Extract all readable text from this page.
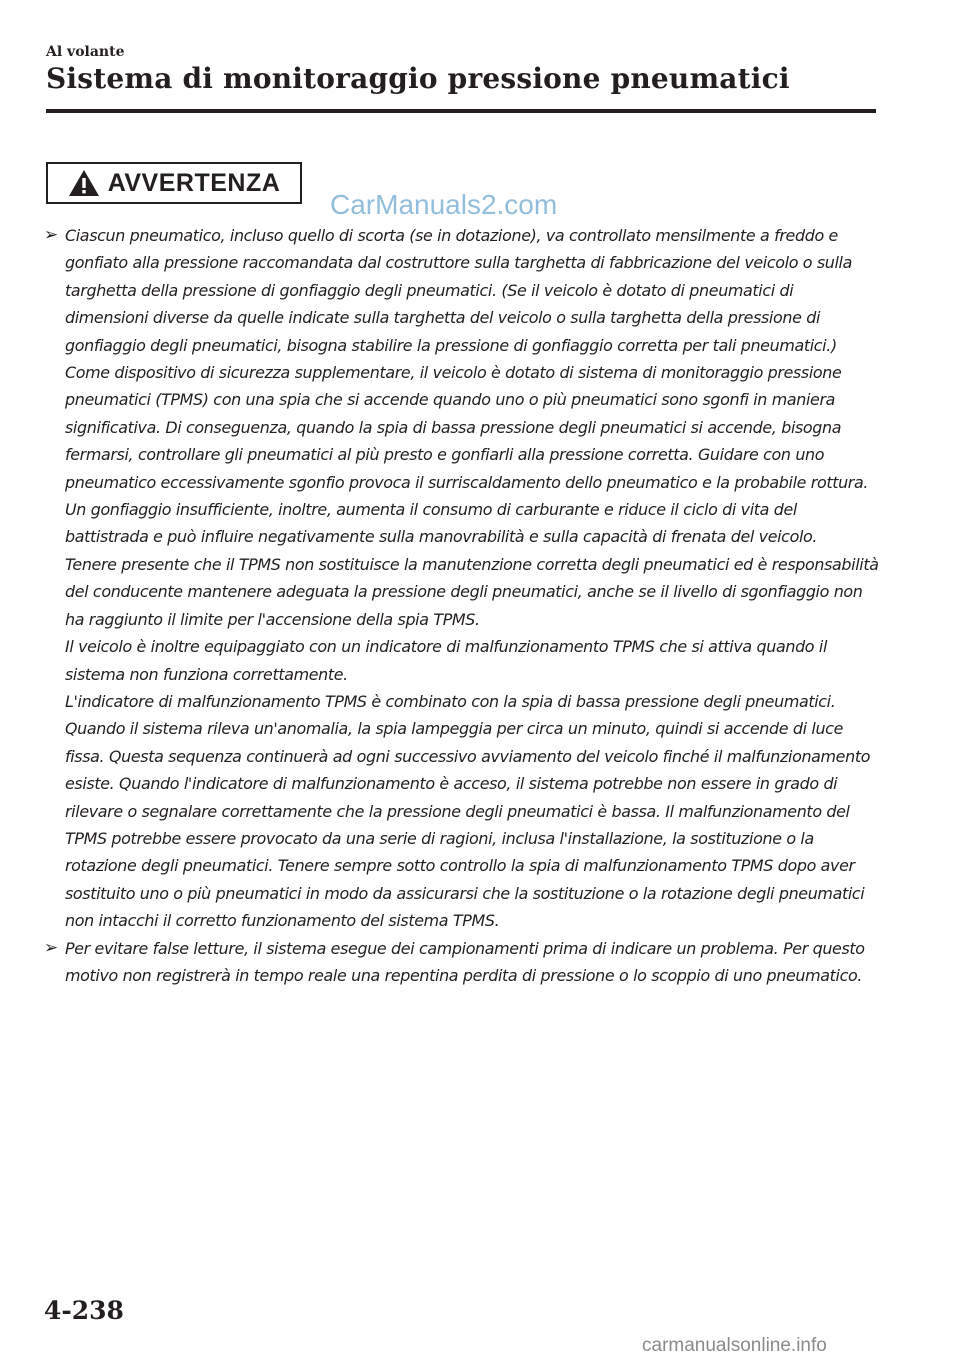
Al volante
Sistema di monitoraggio pressione pneumatici
AVVERTENZA
CarManuals2.com
➢ Ciascun pneumatico, incluso quello di scorta (se in dotazione), va controllato mensilmente a freddo e gonfiato alla pressione raccomandata dal costruttore sulla targhetta di fabbricazione del veicolo o sulla targhetta della pressione di gonfiaggio degli pneumatici. (Se il veicolo è dotato di pneumatici di dimensioni diverse da quelle indicate sulla targhetta del veicolo o sulla targhetta della pressione di gonfiaggio degli pneumatici, bisogna stabilire la pressione di gonfiaggio corretta per tali pneumatici.)

Come dispositivo di sicurezza supplementare, il veicolo è dotato di sistema di monitoraggio pressione pneumatici (TPMS) con una spia che si accende quando uno o più pneumatici sono sgonfi in maniera significativa. Di conseguenza, quando la spia di bassa pressione degli pneumatici si accende, bisogna fermarsi, controllare gli pneumatici al più presto e gonfiarli alla pressione corretta. Guidare con uno pneumatico eccessivamente sgonfio provoca il surriscaldamento dello pneumatico e la probabile rottura. Un gonfiaggio insufficiente, inoltre, aumenta il consumo di carburante e riduce il ciclo di vita del battistrada e può influire negativamente sulla manovrabilità e sulla capacità di frenata del veicolo.

Tenere presente che il TPMS non sostituisce la manutenzione corretta degli pneumatici ed è responsabilità del conducente mantenere adeguata la pressione degli pneumatici, anche se il livello di sgonfiaggio non ha raggiunto il limite per l'accensione della spia TPMS.

Il veicolo è inoltre equipaggiato con un indicatore di malfunzionamento TPMS che si attiva quando il sistema non funziona correttamente.

L'indicatore di malfunzionamento TPMS è combinato con la spia di bassa pressione degli pneumatici. Quando il sistema rileva un'anomalia, la spia lampeggia per circa un minuto, quindi si accende di luce fissa. Questa sequenza continuerà ad ogni successivo avviamento del veicolo finché il malfunzionamento esiste. Quando l'indicatore di malfunzionamento è acceso, il sistema potrebbe non essere in grado di rilevare o segnalare correttamente che la pressione degli pneumatici è bassa. Il malfunzionamento del TPMS potrebbe essere provocato da una serie di ragioni, inclusa l'installazione, la sostituzione o la rotazione degli pneumatici. Tenere sempre sotto controllo la spia di malfunzionamento TPMS dopo aver sostituito uno o più pneumatici in modo da assicurarsi che la sostituzione o la rotazione degli pneumatici non intacchi il corretto funzionamento del sistema TPMS.

➢ Per evitare false letture, il sistema esegue dei campionamenti prima di indicare un problema. Per questo motivo non registrerà in tempo reale una repentina perdita di pressione o lo scoppio di uno pneumatico.

4-238
carmanualsonline.info
